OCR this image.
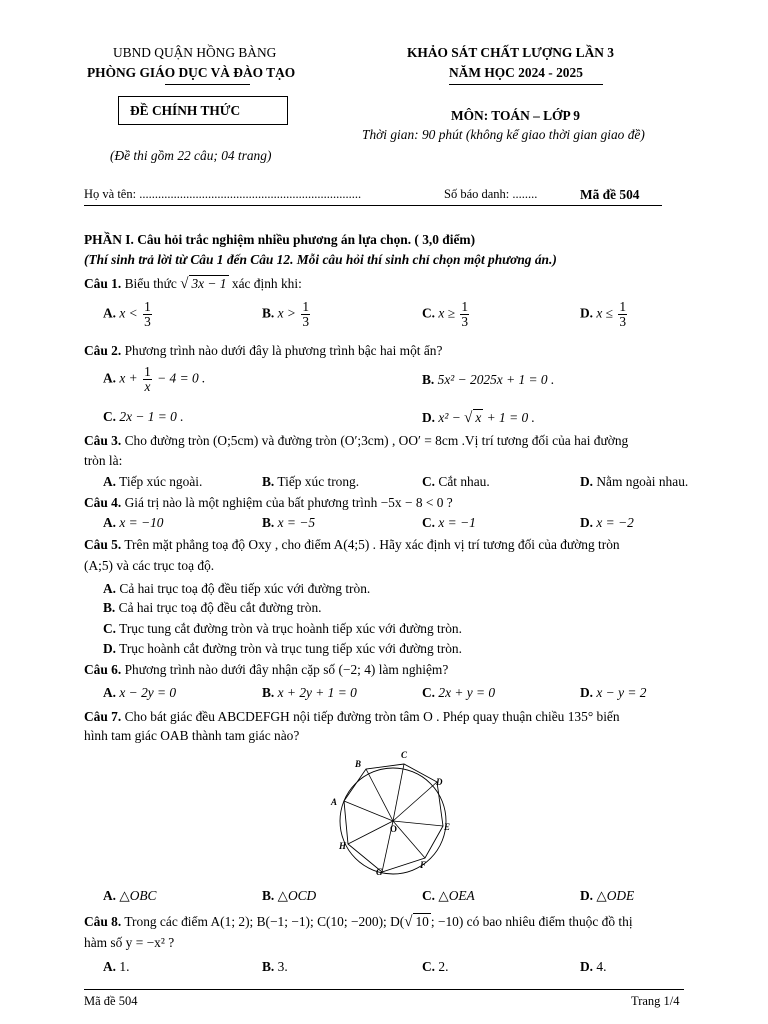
UBND QUẬN HỒNG BÀNG
PHÒNG GIÁO DỤC VÀ ĐÀO TẠO
ĐỀ CHÍNH THỨC
(Đề thi gồm 22 câu; 04 trang)
KHẢO SÁT CHẤT LƯỢNG LẦN 3
NĂM HỌC 2024 - 2025
MÔN: TOÁN – LỚP 9
Thời gian: 90 phút (không kể giao thời gian giao đề)
Họ và tên: .......................................................................	Số báo danh: ........	Mã đề 504
PHẦN I. Câu hỏi trắc nghiệm nhiều phương án lựa chọn. ( 3,0 điểm)
(Thí sinh trả lời từ Câu 1 đến Câu 12. Mỗi câu hỏi thí sinh chỉ chọn một phương án.)
Câu 1. Biểu thức √ 3x − 1 xác định khi:
A. $x < \frac{1}{3}$	B. $x > \frac{1}{3}$	C. $x \ge \frac{1}{3}$	D. $x \le \frac{1}{3}$
Câu 2. Phương trình nào dưới đây là phương trình bậc hai một ẩn?
A. $x + \frac{1}{x} - 4 = 0$ .	B. 5x² − 2025x + 1 = 0 .
C. 2x − 1 = 0 .	D. x² − √ x + 1 = 0 .
Câu 3. Cho đường tròn (O;5cm) và đường tròn (O′;3cm) , OO′ = 8cm .Vị trí tương đối của hai đường
tròn là:
A. Tiếp xúc ngoài.	B. Tiếp xúc trong.	C. Cắt nhau.	D. Nằm ngoài nhau.
Câu 4. Giá trị nào là một nghiệm của bất phương trình −5x − 8 < 0 ?
A. x = −10	B. x = −5	C. x = −1	D. x = −2
Câu 5. Trên mặt phẳng toạ độ Oxy , cho điểm A(4;5) . Hãy xác định vị trí tương đối của đường tròn
(A;5) và các trục toạ độ.
A. Cả hai trục toạ độ đều tiếp xúc với đường tròn.
B. Cả hai trục toạ độ đều cắt đường tròn.
C. Trục tung cắt đường tròn và trục hoành tiếp xúc với đường tròn.
D. Trục hoành cắt đường tròn và trục tung tiếp xúc với đường tròn.
Câu 6. Phương trình nào dưới đây nhận cặp số (−2; 4) làm nghiệm?
A. x − 2y = 0	B. x + 2y + 1 = 0	C. 2x + y = 0	D. x − y = 2
Câu 7. Cho bát giác đều ABCDEFGH nội tiếp đường tròn tâm O . Phép quay thuận chiều 135° biến
hình tam giác OAB thành tam giác nào?
A
B
C
D
E
F
G
H
O
A. △OBC	B. △OCD	C. △OEA	D. △ODE
Câu 8. Trong các điểm A(1; 2); B(−1; −1); C(10; −200); D(√ 10 ; −10) có bao nhiêu điểm thuộc đồ thị
hàm số y = −x² ?
A. 1.	B. 3.	C. 2.	D. 4.
Mã đề 504	Trang 1/4
